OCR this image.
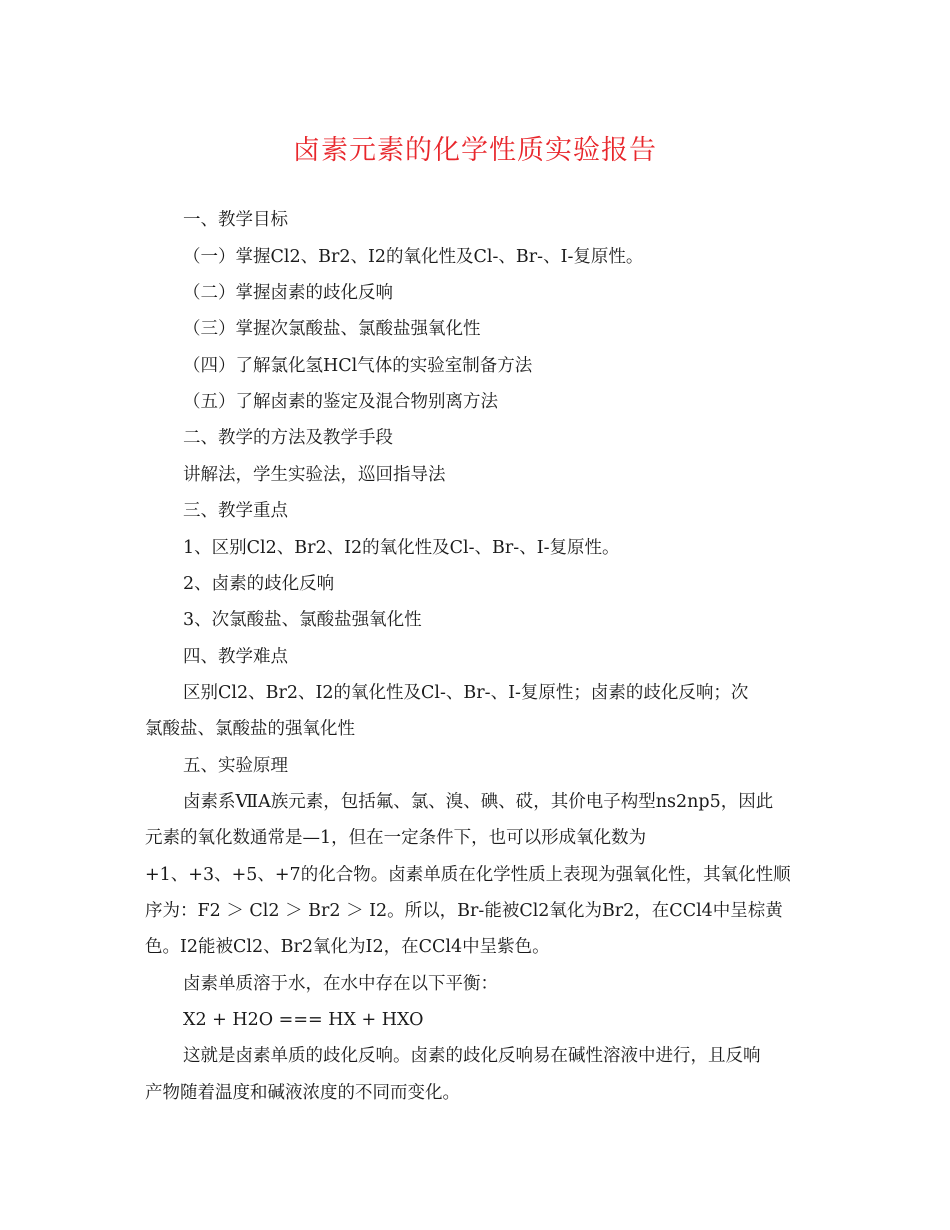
卤素元素的化学性质实验报告
一、教学目标
（一）掌握Cl2、Br2、I2的氧化性及Cl-、Br-、I-复原性。
（二）掌握卤素的歧化反响
（三）掌握次氯酸盐、氯酸盐强氧化性
（四）了解氯化氢HCl气体的实验室制备方法
（五）了解卤素的鉴定及混合物别离方法
二、教学的方法及教学手段
讲解法，学生实验法，巡回指导法
三、教学重点
1、区别Cl2、Br2、I2的氧化性及Cl-、Br-、I-复原性。
2、卤素的歧化反响
3、次氯酸盐、氯酸盐强氧化性
四、教学难点
区别Cl2、Br2、I2的氧化性及Cl-、Br-、I-复原性；卤素的歧化反响；次
氯酸盐、氯酸盐的强氧化性
五、实验原理
卤素系ⅦA族元素，包括氟、氯、溴、碘、砹，其价电子构型ns2np5，因此
元素的氧化数通常是—1，但在一定条件下，也可以形成氧化数为
+1、+3、+5、+7的化合物。卤素单质在化学性质上表现为强氧化性，其氧化性顺
序为：F2 ＞ Cl2 ＞ Br2 ＞ I2。所以，Br-能被Cl2氧化为Br2，在CCl4中呈棕黄
色。I2能被Cl2、Br2氧化为I2，在CCl4中呈紫色。
卤素单质溶于水，在水中存在以下平衡：
X2 + H2O === HX + HXO
这就是卤素单质的歧化反响。卤素的歧化反响易在碱性溶液中进行，且反响
产物随着温度和碱液浓度的不同而变化。
